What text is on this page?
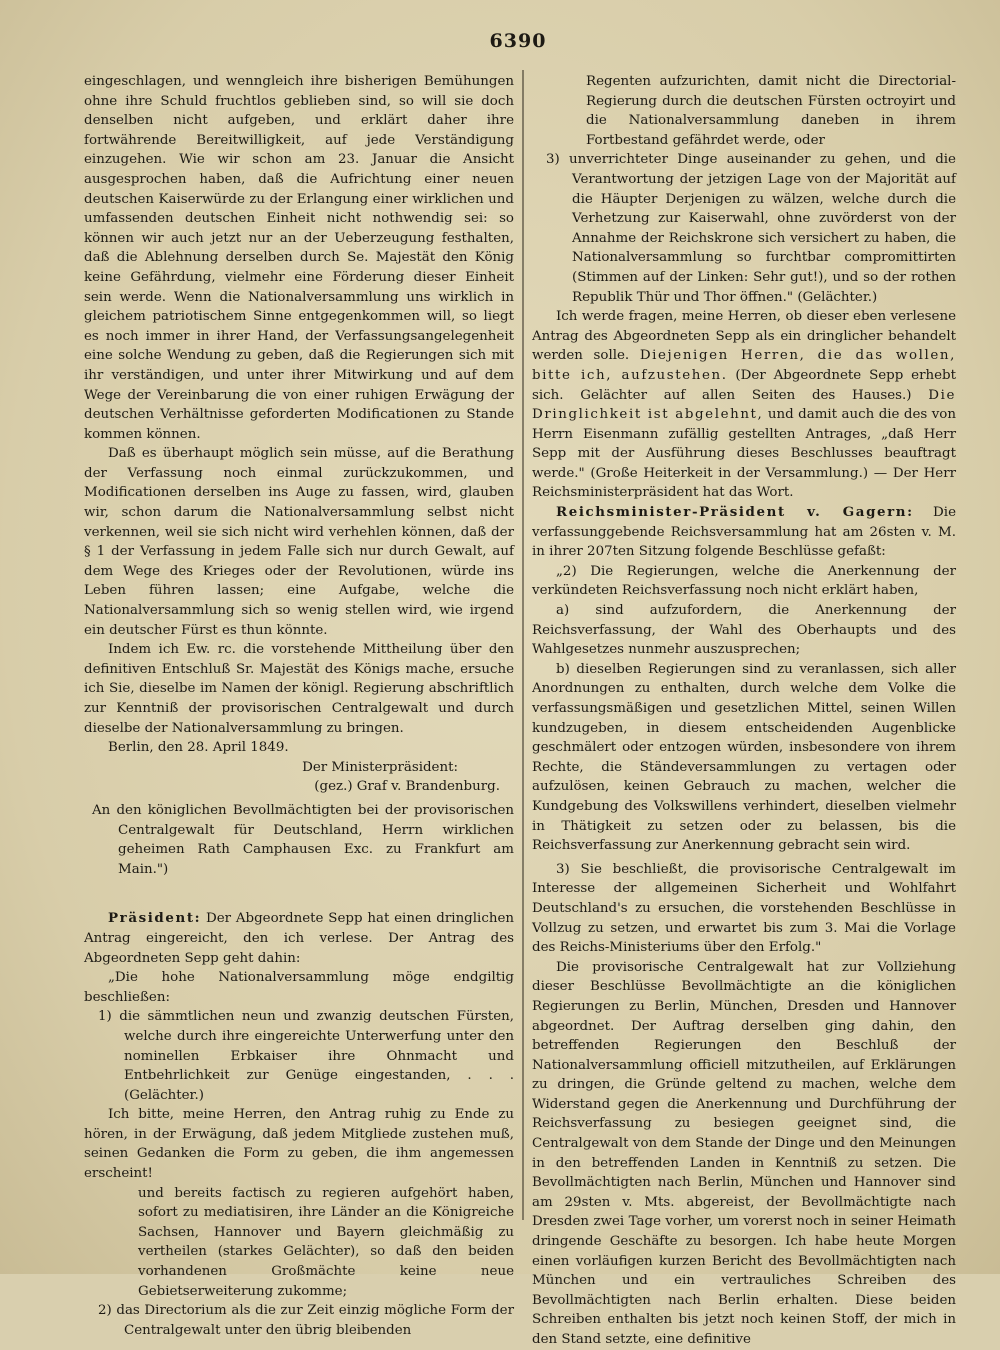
6390

eingeschlagen, und wenngleich ihre bisherigen Bemühungen ohne ihre Schuld fruchtlos geblieben sind, so will sie doch denselben nicht aufgeben, und erklärt daher ihre fortwährende Bereitwilligkeit, auf jede Verständigung einzugehen. Wie wir schon am 23. Januar die Ansicht ausgesprochen haben, daß die Aufrichtung einer neuen deutschen Kaiserwürde zu der Erlangung einer wirklichen und umfassenden deutschen Einheit nicht nothwendig sei: so können wir auch jetzt nur an der Ueberzeugung festhalten, daß die Ablehnung derselben durch Se. Majestät den König keine Gefährdung, vielmehr eine Förderung dieser Einheit sein werde. Wenn die Nationalversammlung uns wirklich in gleichem patriotischem Sinne entgegenkommen will, so liegt es noch immer in ihrer Hand, der Verfassungsangelegenheit eine solche Wendung zu geben, daß die Regierungen sich mit ihr verständigen, und unter ihrer Mitwirkung und auf dem Wege der Vereinbarung die von einer ruhigen Erwägung der deutschen Verhältnisse geforderten Modificationen zu Stande kommen können.

Daß es überhaupt möglich sein müsse, auf die Berathung der Verfassung noch einmal zurückzukommen, und Modificationen derselben ins Auge zu fassen, wird, glauben wir, schon darum die Nationalversammlung selbst nicht verkennen, weil sie sich nicht wird verhehlen können, daß der § 1 der Verfassung in jedem Falle sich nur durch Gewalt, auf dem Wege des Krieges oder der Revolutionen, würde ins Leben führen lassen; eine Aufgabe, welche die Nationalversammlung sich so wenig stellen wird, wie irgend ein deutscher Fürst es thun könnte.

Indem ich Ew. rc. die vorstehende Mittheilung über den definitiven Entschluß Sr. Majestät des Königs mache, ersuche ich Sie, dieselbe im Namen der königl. Regierung abschriftlich zur Kenntniß der provisorischen Centralgewalt und durch dieselbe der Nationalversammlung zu bringen.

Berlin, den 28. April 1849.

Der Ministerpräsident:

(gez.) Graf v. Brandenburg.

An den königlichen Bevollmächtigten bei der provisorischen Centralgewalt für Deutschland, Herrn wirklichen geheimen Rath Camphausen Exc. zu Frankfurt am Main.")

Präsident: Der Abgeordnete Sepp hat einen dringlichen Antrag eingereicht, den ich verlese. Der Antrag des Abgeordneten Sepp geht dahin:

„Die hohe Nationalversammlung möge endgiltig beschließen:

1) die sämmtlichen neun und zwanzig deutschen Fürsten, welche durch ihre eingereichte Unterwerfung unter den nominellen Erbkaiser ihre Ohnmacht und Entbehrlichkeit zur Genüge eingestanden, . . . (Gelächter.)

Ich bitte, meine Herren, den Antrag ruhig zu Ende zu hören, in der Erwägung, daß jedem Mitgliede zustehen muß, seinen Gedanken die Form zu geben, die ihm angemessen erscheint!

und bereits factisch zu regieren aufgehört haben, sofort zu mediatisiren, ihre Länder an die Königreiche Sachsen, Hannover und Bayern gleichmäßig zu vertheilen (starkes Gelächter), so daß den beiden vorhandenen Großmächte keine neue Gebietserweiterung zukomme;

2) das Directorium als die zur Zeit einzig mögliche Form der Centralgewalt unter den übrig bleibenden

Regenten aufzurichten, damit nicht die Directorial-Regierung durch die deutschen Fürsten octroyirt und die Nationalversammlung daneben in ihrem Fortbestand gefährdet werde, oder

3) unverrichteter Dinge auseinander zu gehen, und die Verantwortung der jetzigen Lage von der Majorität auf die Häupter Derjenigen zu wälzen, welche durch die Verhetzung zur Kaiserwahl, ohne zuvörderst von der Annahme der Reichskrone sich versichert zu haben, die Nationalversammlung so furchtbar compromittirten (Stimmen auf der Linken: Sehr gut!), und so der rothen Republik Thür und Thor öffnen." (Gelächter.)

Ich werde fragen, meine Herren, ob dieser eben verlesene Antrag des Abgeordneten Sepp als ein dringlicher behandelt werden solle. Diejenigen Herren, die das wollen, bitte ich, aufzustehen. (Der Abgeordnete Sepp erhebt sich. Gelächter auf allen Seiten des Hauses.) Die Dringlichkeit ist abgelehnt, und damit auch die des von Herrn Eisenmann zufällig gestellten Antrages, „daß Herr Sepp mit der Ausführung dieses Beschlusses beauftragt werde." (Große Heiterkeit in der Versammlung.) — Der Herr Reichsministerpräsident hat das Wort.

Reichsminister-Präsident v. Gagern: Die verfassunggebende Reichsversammlung hat am 26sten v. M. in ihrer 207ten Sitzung folgende Beschlüsse gefaßt:

„2) Die Regierungen, welche die Anerkennung der verkündeten Reichsverfassung noch nicht erklärt haben,

a) sind aufzufordern, die Anerkennung der Reichsverfassung, der Wahl des Oberhaupts und des Wahlgesetzes nunmehr auszusprechen;

b) dieselben Regierungen sind zu veranlassen, sich aller Anordnungen zu enthalten, durch welche dem Volke die verfassungsmäßigen und gesetzlichen Mittel, seinen Willen kundzugeben, in diesem entscheidenden Augenblicke geschmälert oder entzogen würden, insbesondere von ihrem Rechte, die Ständeversammlungen zu vertagen oder aufzulösen, keinen Gebrauch zu machen, welcher die Kundgebung des Volkswillens verhindert, dieselben vielmehr in Thätigkeit zu setzen oder zu belassen, bis die Reichsverfassung zur Anerkennung gebracht sein wird.

3) Sie beschließt, die provisorische Centralgewalt im Interesse der allgemeinen Sicherheit und Wohlfahrt Deutschland's zu ersuchen, die vorstehenden Beschlüsse in Vollzug zu setzen, und erwartet bis zum 3. Mai die Vorlage des Reichs-Ministeriums über den Erfolg."

Die provisorische Centralgewalt hat zur Vollziehung dieser Beschlüsse Bevollmächtigte an die königlichen Regierungen zu Berlin, München, Dresden und Hannover abgeordnet. Der Auftrag derselben ging dahin, den betreffenden Regierungen den Beschluß der Nationalversammlung officiell mitzutheilen, auf Erklärungen zu dringen, die Gründe geltend zu machen, welche dem Widerstand gegen die Anerkennung und Durchführung der Reichsverfassung zu besiegen geeignet sind, die Centralgewalt von dem Stande der Dinge und den Meinungen in den betreffenden Landen in Kenntniß zu setzen. Die Bevollmächtigten nach Berlin, München und Hannover sind am 29sten v. Mts. abgereist, der Bevollmächtigte nach Dresden zwei Tage vorher, um vorerst noch in seiner Heimath dringende Geschäfte zu besorgen. Ich habe heute Morgen einen vorläufigen kurzen Bericht des Bevollmächtigten nach München und ein vertrauliches Schreiben des Bevollmächtigten nach Berlin erhalten. Diese beiden Schreiben enthalten bis jetzt noch keinen Stoff, der mich in den Stand setzte, eine definitive
